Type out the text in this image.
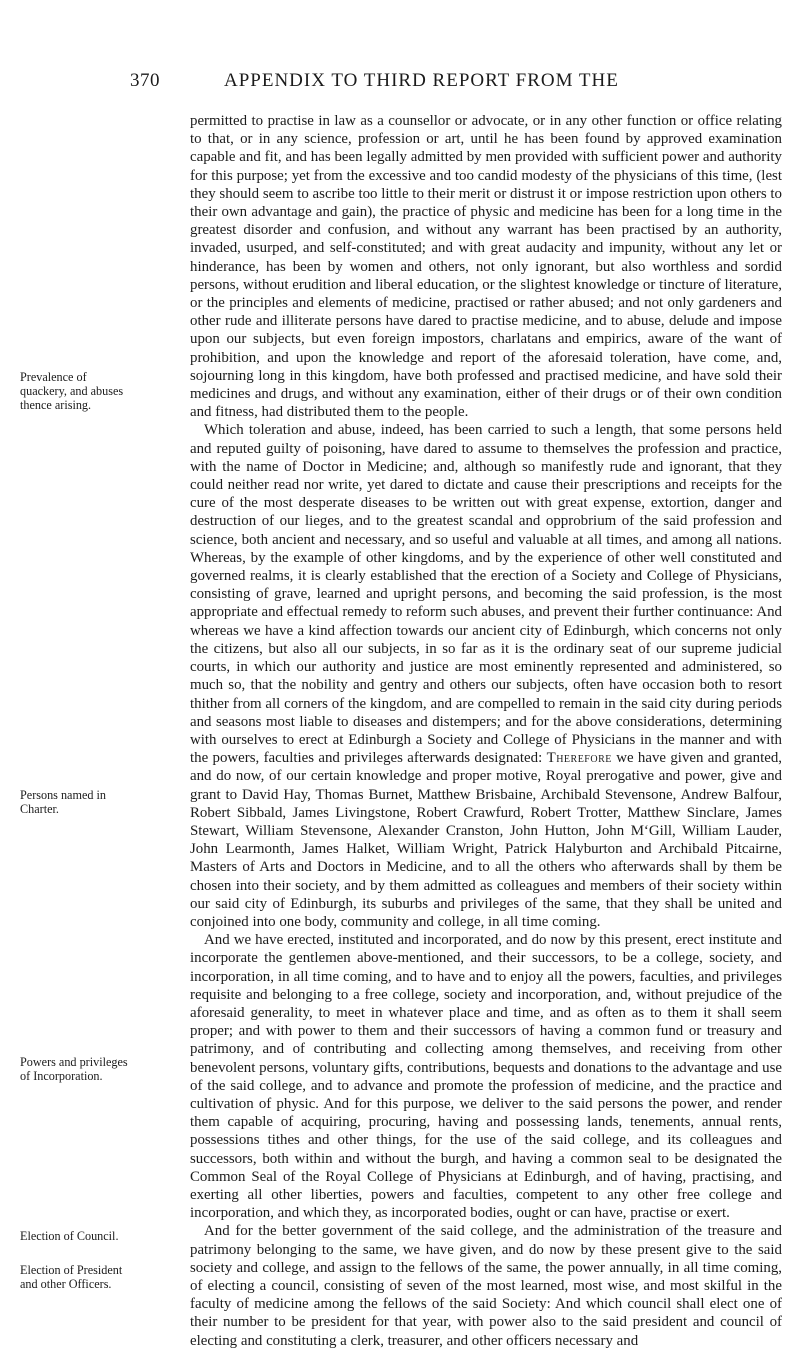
370	APPENDIX TO THIRD REPORT FROM THE
Prevalence of
quackery, and abuses
thence arising.
Persons named in
Charter.
Powers and privileges
of Incorporation.
Election of Council.
Election of President
and other Officers.

permitted to practise in law as a counsellor or advocate, or in any other function or office relating to that, or in any science, profession or art, until he has been found by approved examination capable and fit, and has been legally admitted by men provided with sufficient power and authority for this purpose; yet from the excessive and too candid modesty of the physicians of this time, (lest they should seem to ascribe too little to their merit or distrust it or impose restriction upon others to their own advantage and gain), the practice of physic and medicine has been for a long time in the greatest disorder and confusion, and without any warrant has been practised by an authority, invaded, usurped, and self-constituted; and with great audacity and impunity, without any let or hinderance, has been by women and others, not only ignorant, but also worthless and sordid persons, without erudition and liberal education, or the slightest knowledge or tincture of literature, or the principles and elements of medicine, practised or rather abused; and not only gardeners and other rude and illiterate persons have dared to practise medicine, and to abuse, delude and impose upon our subjects, but even foreign impostors, charlatans and empirics, aware of the want of prohibition, and upon the knowledge and report of the aforesaid toleration, have come, and, sojourning long in this kingdom, have both professed and practised medicine, and have sold their medicines and drugs, and without any examination, either of their drugs or of their own condition and fitness, had distributed them to the people.

Which toleration and abuse, indeed, has been carried to such a length, that some persons held and reputed guilty of poisoning, have dared to assume to themselves the profession and practice, with the name of Doctor in Medicine; and, although so manifestly rude and ignorant, that they could neither read nor write, yet dared to dictate and cause their prescriptions and receipts for the cure of the most desperate diseases to be written out with great expense, extortion, danger and destruction of our lieges, and to the greatest scandal and opprobrium of the said profession and science, both ancient and necessary, and so useful and valuable at all times, and among all nations. Whereas, by the example of other kingdoms, and by the experience of other well constituted and governed realms, it is clearly established that the erection of a Society and College of Physicians, consisting of grave, learned and upright persons, and becoming the said profession, is the most appropriate and effectual remedy to reform such abuses, and prevent their further continuance: And whereas we have a kind affection towards our ancient city of Edinburgh, which concerns not only the citizens, but also all our subjects, in so far as it is the ordinary seat of our supreme judicial courts, in which our authority and justice are most eminently represented and administered, so much so, that the nobility and gentry and others our subjects, often have occasion both to resort thither from all corners of the kingdom, and are compelled to remain in the said city during periods and seasons most liable to diseases and distempers; and for the above considerations, determining with ourselves to erect at Edinburgh a Society and College of Physicians in the manner and with the powers, faculties and privileges afterwards designated: Therefore we have given and granted, and do now, of our certain knowledge and proper motive, Royal prerogative and power, give and grant to David Hay, Thomas Burnet, Matthew Brisbaine, Archibald Stevensone, Andrew Balfour, Robert Sibbald, James Livingstone, Robert Crawfurd, Robert Trotter, Matthew Sinclare, James Stewart, William Stevensone, Alexander Cranston, John Hutton, John M‘Gill, William Lauder, John Learmonth, James Halket, William Wright, Patrick Halyburton and Archibald Pitcairne, Masters of Arts and Doctors in Medicine, and to all the others who afterwards shall by them be chosen into their society, and by them admitted as colleagues and members of their society within our said city of Edinburgh, its suburbs and privileges of the same, that they shall be united and conjoined into one body, community and college, in all time coming.

And we have erected, instituted and incorporated, and do now by this present, erect institute and incorporate the gentlemen above-mentioned, and their successors, to be a college, society, and incorporation, in all time coming, and to have and to enjoy all the powers, faculties, and privileges requisite and belonging to a free college, society and incorporation, and, without prejudice of the aforesaid generality, to meet in whatever place and time, and as often as to them it shall seem proper; and with power to them and their successors of having a common fund or treasury and patrimony, and of contributing and collecting among themselves, and receiving from other benevolent persons, voluntary gifts, contributions, bequests and donations to the advantage and use of the said college, and to advance and promote the profession of medicine, and the practice and cultivation of physic. And for this purpose, we deliver to the said persons the power, and render them capable of acquiring, procuring, having and possessing lands, tenements, annual rents, possessions tithes and other things, for the use of the said college, and its colleagues and successors, both within and without the burgh, and having a common seal to be designated the Common Seal of the Royal College of Physicians at Edinburgh, and of having, practising, and exerting all other liberties, powers and faculties, competent to any other free college and incorporation, and which they, as incorporated bodies, ought or can have, practise or exert.

And for the better government of the said college, and the administration of the treasure and patrimony belonging to the same, we have given, and do now by these present give to the said society and college, and assign to the fellows of the same, the power annually, in all time coming, of electing a council, consisting of seven of the most learned, most wise, and most skilful in the faculty of medicine among the fellows of the said Society: And which council shall elect one of their number to be president for that year, with power also to the said president and council of electing and constituting a clerk, treasurer, and other officers necessary and
